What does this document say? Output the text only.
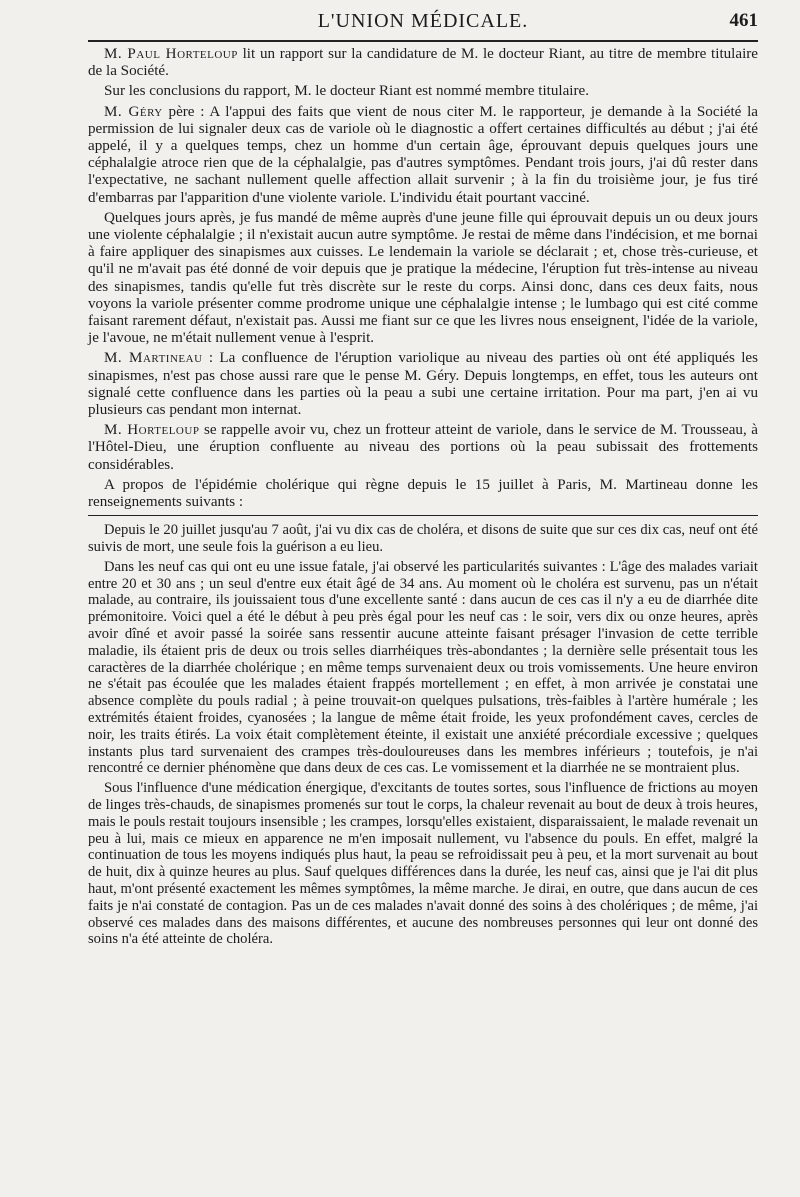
L'UNION MÉDICALE.	461

M. Paul Horteloup lit un rapport sur la candidature de M. le docteur Riant, au titre de membre titulaire de la Société.

Sur les conclusions du rapport, M. le docteur Riant est nommé membre titulaire.

M. Géry père : A l'appui des faits que vient de nous citer M. le rapporteur, je demande à la Société la permission de lui signaler deux cas de variole où le diagnostic a offert certaines difficultés au début ; j'ai été appelé, il y a quelques temps, chez un homme d'un certain âge, éprouvant depuis quelques jours une céphalalgie atroce rien que de la céphalalgie, pas d'autres symptômes. Pendant trois jours, j'ai dû rester dans l'expectative, ne sachant nullement quelle affection allait survenir ; à la fin du troisième jour, je fus tiré d'embarras par l'apparition d'une violente variole. L'individu était pourtant vacciné.

Quelques jours après, je fus mandé de même auprès d'une jeune fille qui éprouvait depuis un ou deux jours une violente céphalalgie ; il n'existait aucun autre symptôme. Je restai de même dans l'indécision, et me bornai à faire appliquer des sinapismes aux cuisses. Le lendemain la variole se déclarait ; et, chose très-curieuse, et qu'il ne m'avait pas été donné de voir depuis que je pratique la médecine, l'éruption fut très-intense au niveau des sinapismes, tandis qu'elle fut très discrète sur le reste du corps. Ainsi donc, dans ces deux faits, nous voyons la variole présenter comme prodrome unique une céphalalgie intense ; le lumbago qui est cité comme faisant rarement défaut, n'existait pas. Aussi me fiant sur ce que les livres nous enseignent, l'idée de la variole, je l'avoue, ne m'était nullement venue à l'esprit.

M. Martineau : La confluence de l'éruption variolique au niveau des parties où ont été appliqués les sinapismes, n'est pas chose aussi rare que le pense M. Géry. Depuis longtemps, en effet, tous les auteurs ont signalé cette confluence dans les parties où la peau a subi une certaine irritation. Pour ma part, j'en ai vu plusieurs cas pendant mon internat.

M. Horteloup se rappelle avoir vu, chez un frotteur atteint de variole, dans le service de M. Trousseau, à l'Hôtel-Dieu, une éruption confluente au niveau des portions où la peau subissait des frottements considérables.

A propos de l'épidémie cholérique qui règne depuis le 15 juillet à Paris, M. Martineau donne les renseignements suivants :

Depuis le 20 juillet jusqu'au 7 août, j'ai vu dix cas de choléra, et disons de suite que sur ces dix cas, neuf ont été suivis de mort, une seule fois la guérison a eu lieu.

Dans les neuf cas qui ont eu une issue fatale, j'ai observé les particularités suivantes : L'âge des malades variait entre 20 et 30 ans ; un seul d'entre eux était âgé de 34 ans. Au moment où le choléra est survenu, pas un n'était malade, au contraire, ils jouissaient tous d'une excellente santé : dans aucun de ces cas il n'y a eu de diarrhée dite prémonitoire. Voici quel a été le début à peu près égal pour les neuf cas : le soir, vers dix ou onze heures, après avoir dîné et avoir passé la soirée sans ressentir aucune atteinte faisant présager l'invasion de cette terrible maladie, ils étaient pris de deux ou trois selles diarrhéiques très-abondantes ; la dernière selle présentait tous les caractères de la diarrhée cholérique ; en même temps survenaient deux ou trois vomissements. Une heure environ ne s'était pas écoulée que les malades étaient frappés mortellement ; en effet, à mon arrivée je constatai une absence complète du pouls radial ; à peine trouvait-on quelques pulsations, très-faibles à l'artère humérale ; les extrémités étaient froides, cyanosées ; la langue de même était froide, les yeux profondément caves, cercles de noir, les traits étirés. La voix était complètement éteinte, il existait une anxiété précordiale excessive ; quelques instants plus tard survenaient des crampes très-douloureuses dans les membres inférieurs ; toutefois, je n'ai rencontré ce dernier phénomène que dans deux de ces cas. Le vomissement et la diarrhée ne se montraient plus.

Sous l'influence d'une médication énergique, d'excitants de toutes sortes, sous l'influence de frictions au moyen de linges très-chauds, de sinapismes promenés sur tout le corps, la chaleur revenait au bout de deux à trois heures, mais le pouls restait toujours insensible ; les crampes, lorsqu'elles existaient, disparaissaient, le malade revenait un peu à lui, mais ce mieux en apparence ne m'en imposait nullement, vu l'absence du pouls. En effet, malgré la continuation de tous les moyens indiqués plus haut, la peau se refroidissait peu à peu, et la mort survenait au bout de huit, dix à quinze heures au plus. Sauf quelques différences dans la durée, les neuf cas, ainsi que je l'ai dit plus haut, m'ont présenté exactement les mêmes symptômes, la même marche. Je dirai, en outre, que dans aucun de ces faits je n'ai constaté de contagion. Pas un de ces malades n'avait donné des soins à des cholériques ; de même, j'ai observé ces malades dans des maisons différentes, et aucune des nombreuses personnes qui leur ont donné des soins n'a été atteinte de choléra.
